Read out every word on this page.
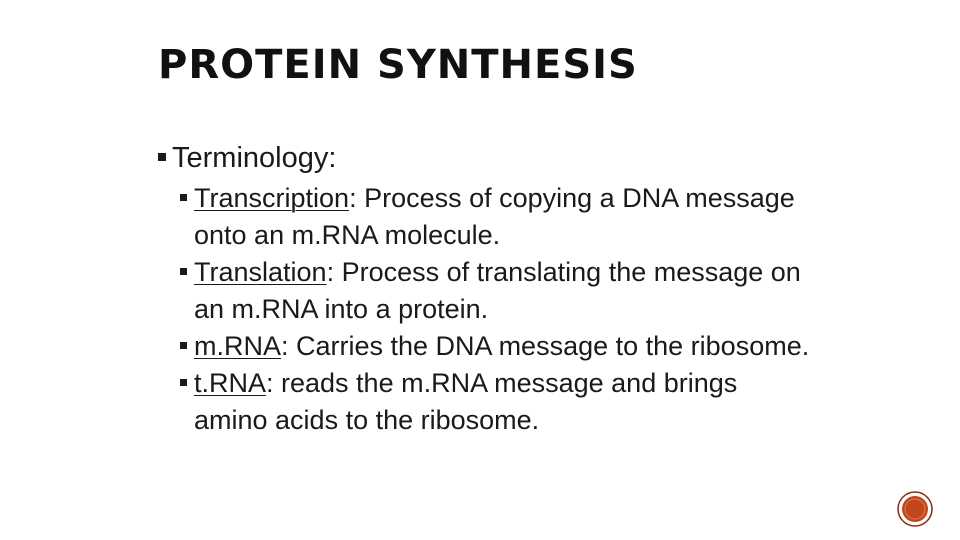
PROTEIN SYNTHESIS
Terminology:
Transcription: Process of copying a DNA message onto an m.RNA molecule.
Translation: Process of translating the message on an m.RNA into a protein.
m.RNA: Carries the DNA message to the ribosome.
t.RNA: reads the m.RNA message and brings amino acids to the ribosome.
